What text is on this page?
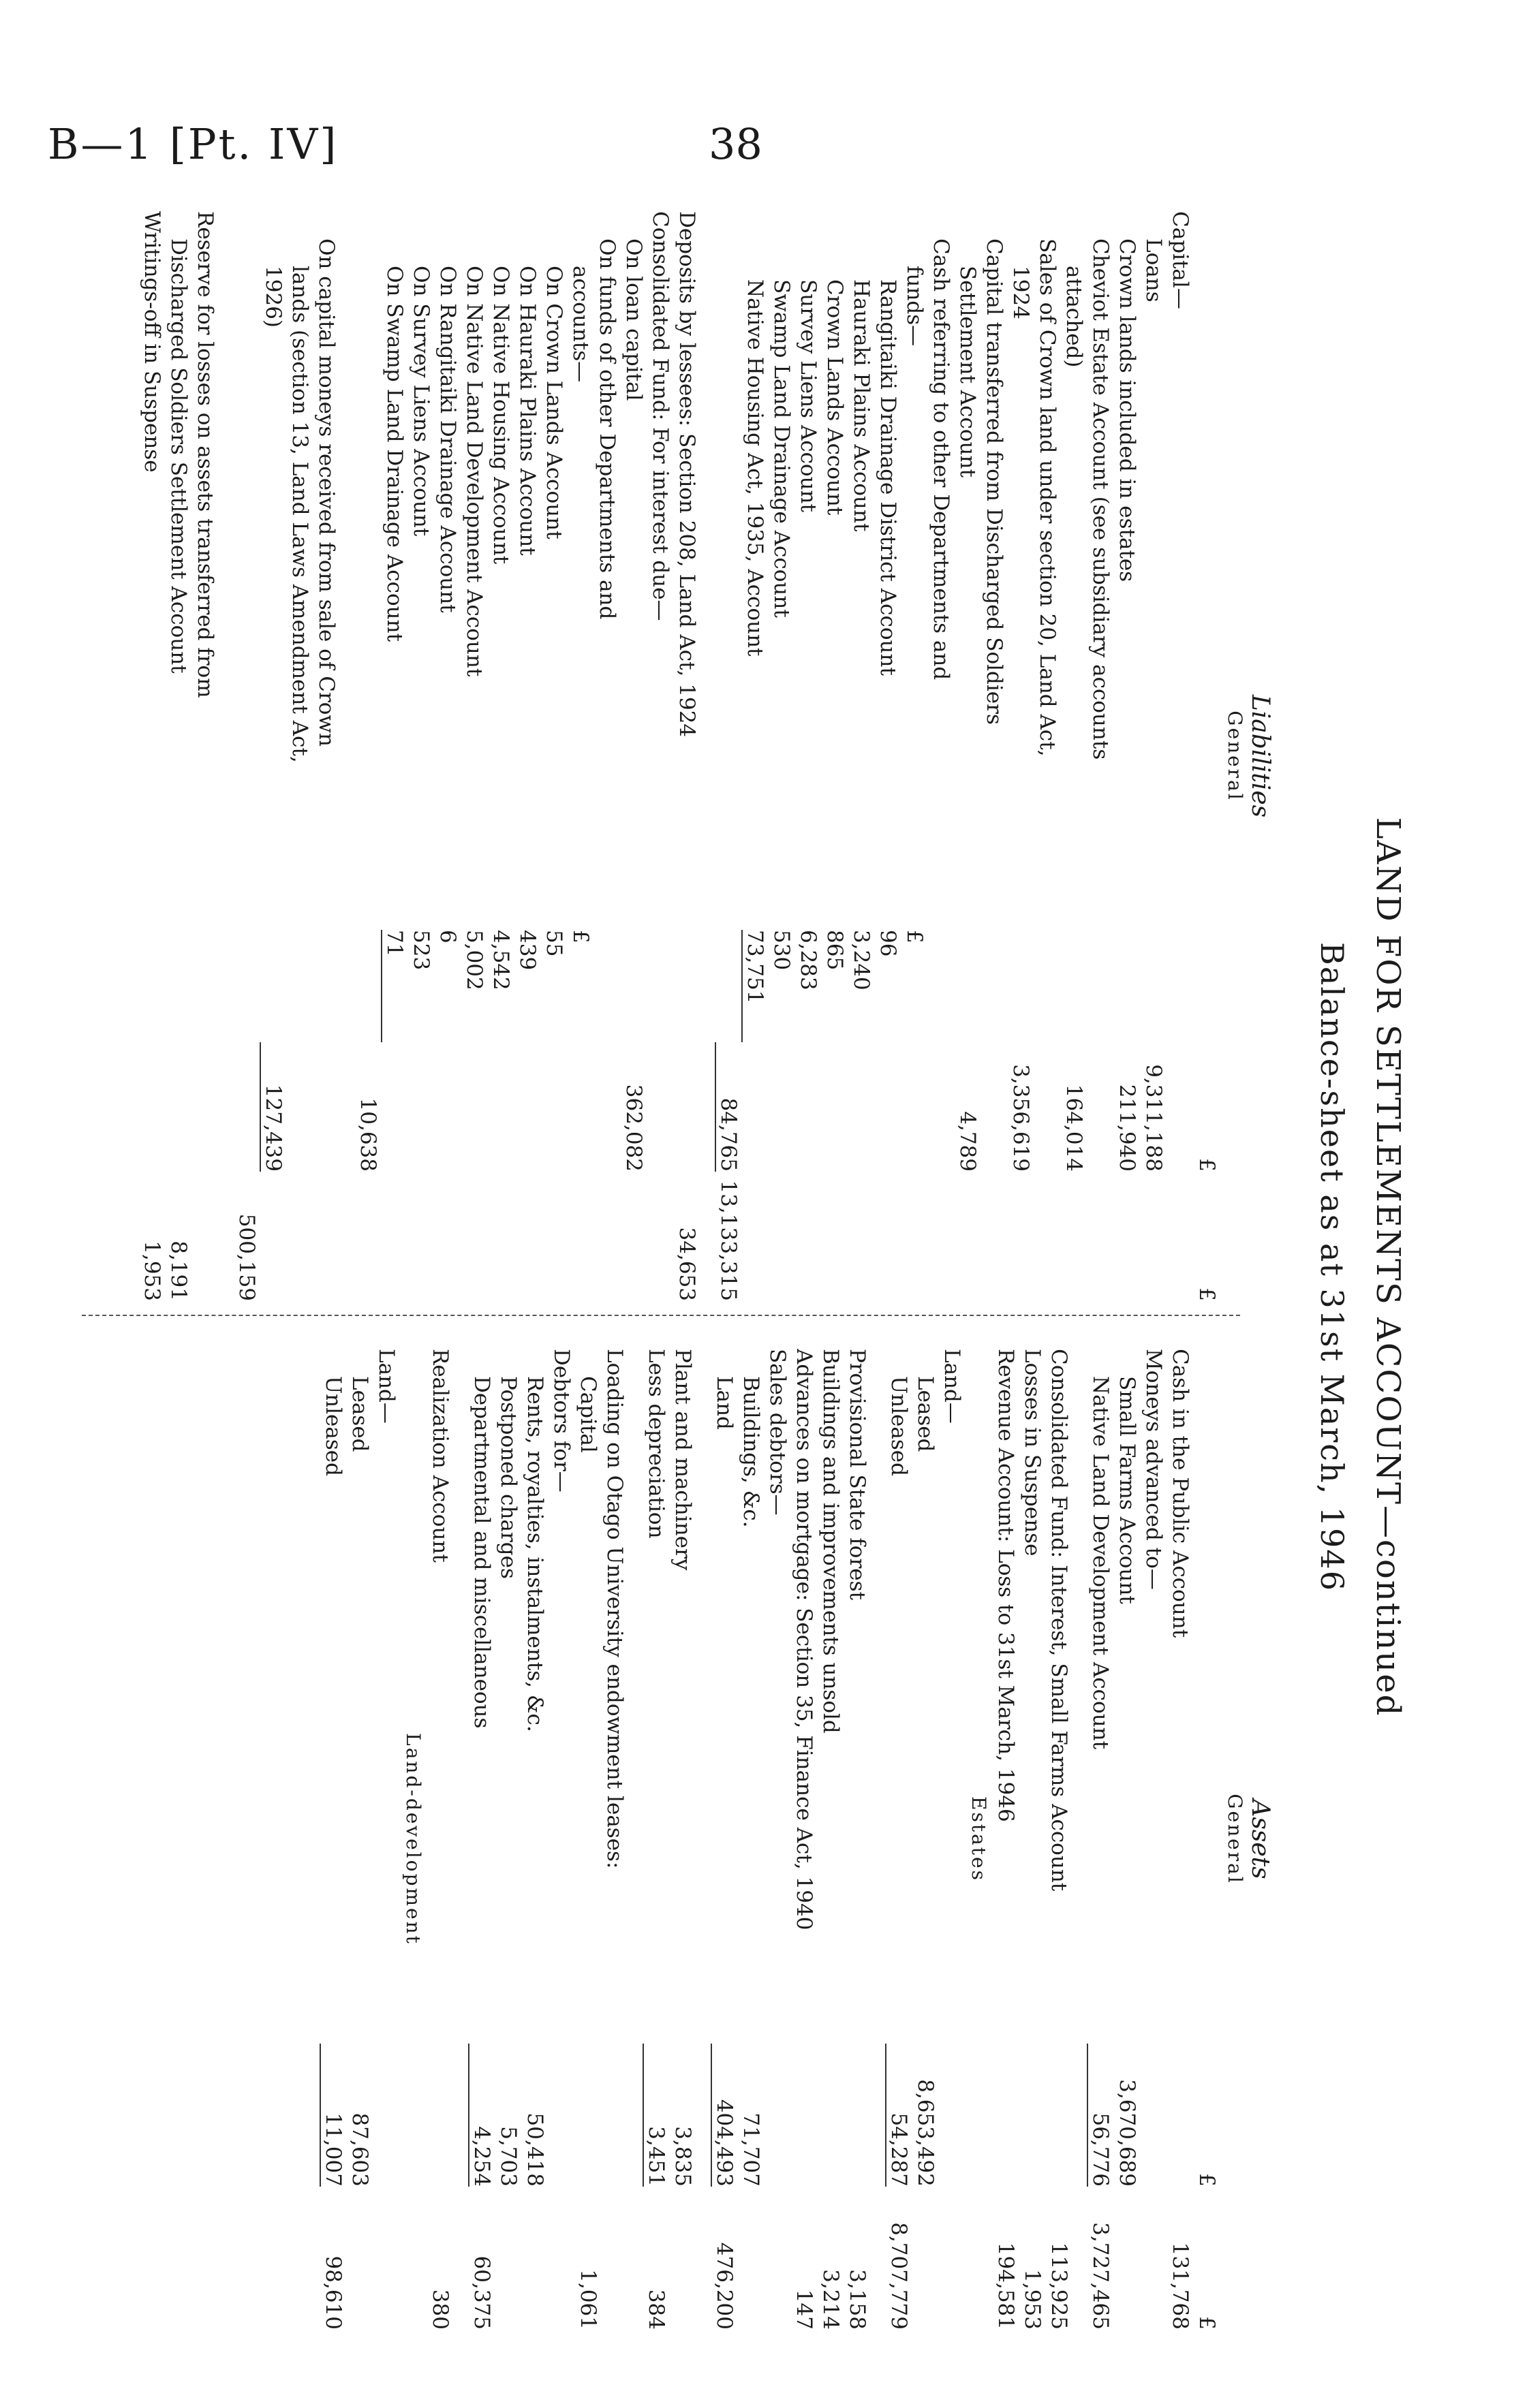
B—1 [Pt. IV]	38
LAND FOR SETTLEMENTS ACCOUNT—continued
Balance-sheet as at 31st March, 1946
Liabilities
General
£
£
Capital—
Loans
9,311,188
Crown lands included in estates
211,940
Cheviot Estate Account (see subsidiary accounts
attached)
164,014
Sales of Crown land under section 20, Land Act,
1924
3,356,619
Capital transferred from Discharged Soldiers
Settlement Account
4,789
Cash referring to other Departments and
funds—
£
Rangitaiki Drainage District Account
96
Hauraki Plains Account
3,240
Crown Lands Account
865
Survey Liens Account
6,283
Swamp Land Drainage Account
530
Native Housing Act, 1935, Account
73,751
84,765
13,133,315
Deposits by lessees: Section 208, Land Act, 1924
34,653
Consolidated Fund: For interest due—
On loan capital
362,082
On funds of other Departments and
accounts—
£
On Crown Lands Account
55
On Hauraki Plains Account
439
On Native Housing Account
4,542
On Native Land Development Account
5,002
On Rangitaiki Drainage Account
6
On Survey Liens Account
523
On Swamp Land Drainage Account
71
10,638
On capital moneys received from sale of Crown
lands (section 13, Land Laws Amendment Act,
1926)
127,439
500,159
Reserve for losses on assets transferred from
Discharged Soldiers Settlement Account
8,191
Writings-off in Suspense
1,953
Assets
General
£
£
Cash in the Public Account
131,768
Moneys advanced to—
Small Farms Account
3,670,689
Native Land Development Account
56,776
3,727,465
Consolidated Fund: Interest, Small Farms Account
113,925
Losses in Suspense
1,953
Revenue Account: Loss to 31st March, 1946
194,581
Estates
Land—
Leased
8,653,492
Unleased
54,287
8,707,779
Provisional State forest
3,158
Buildings and improvements unsold
3,214
Advances on mortgage: Section 35, Finance Act, 1940
147
Sales debtors—
Buildings, &c.
71,707
Land
404,493
476,200
Plant and machinery
3,835
Less depreciation
3,451
384
Loading on Otago University endowment leases:
Capital
1,061
Debtors for—
Rents, royalties, instalments, &c.
50,418
Postponed charges
5,703
Departmental and miscellaneous
4,254
60,375
Realization Account
380
Land-development
Land—
Leased
87,603
Unleased
11,007
98,610
